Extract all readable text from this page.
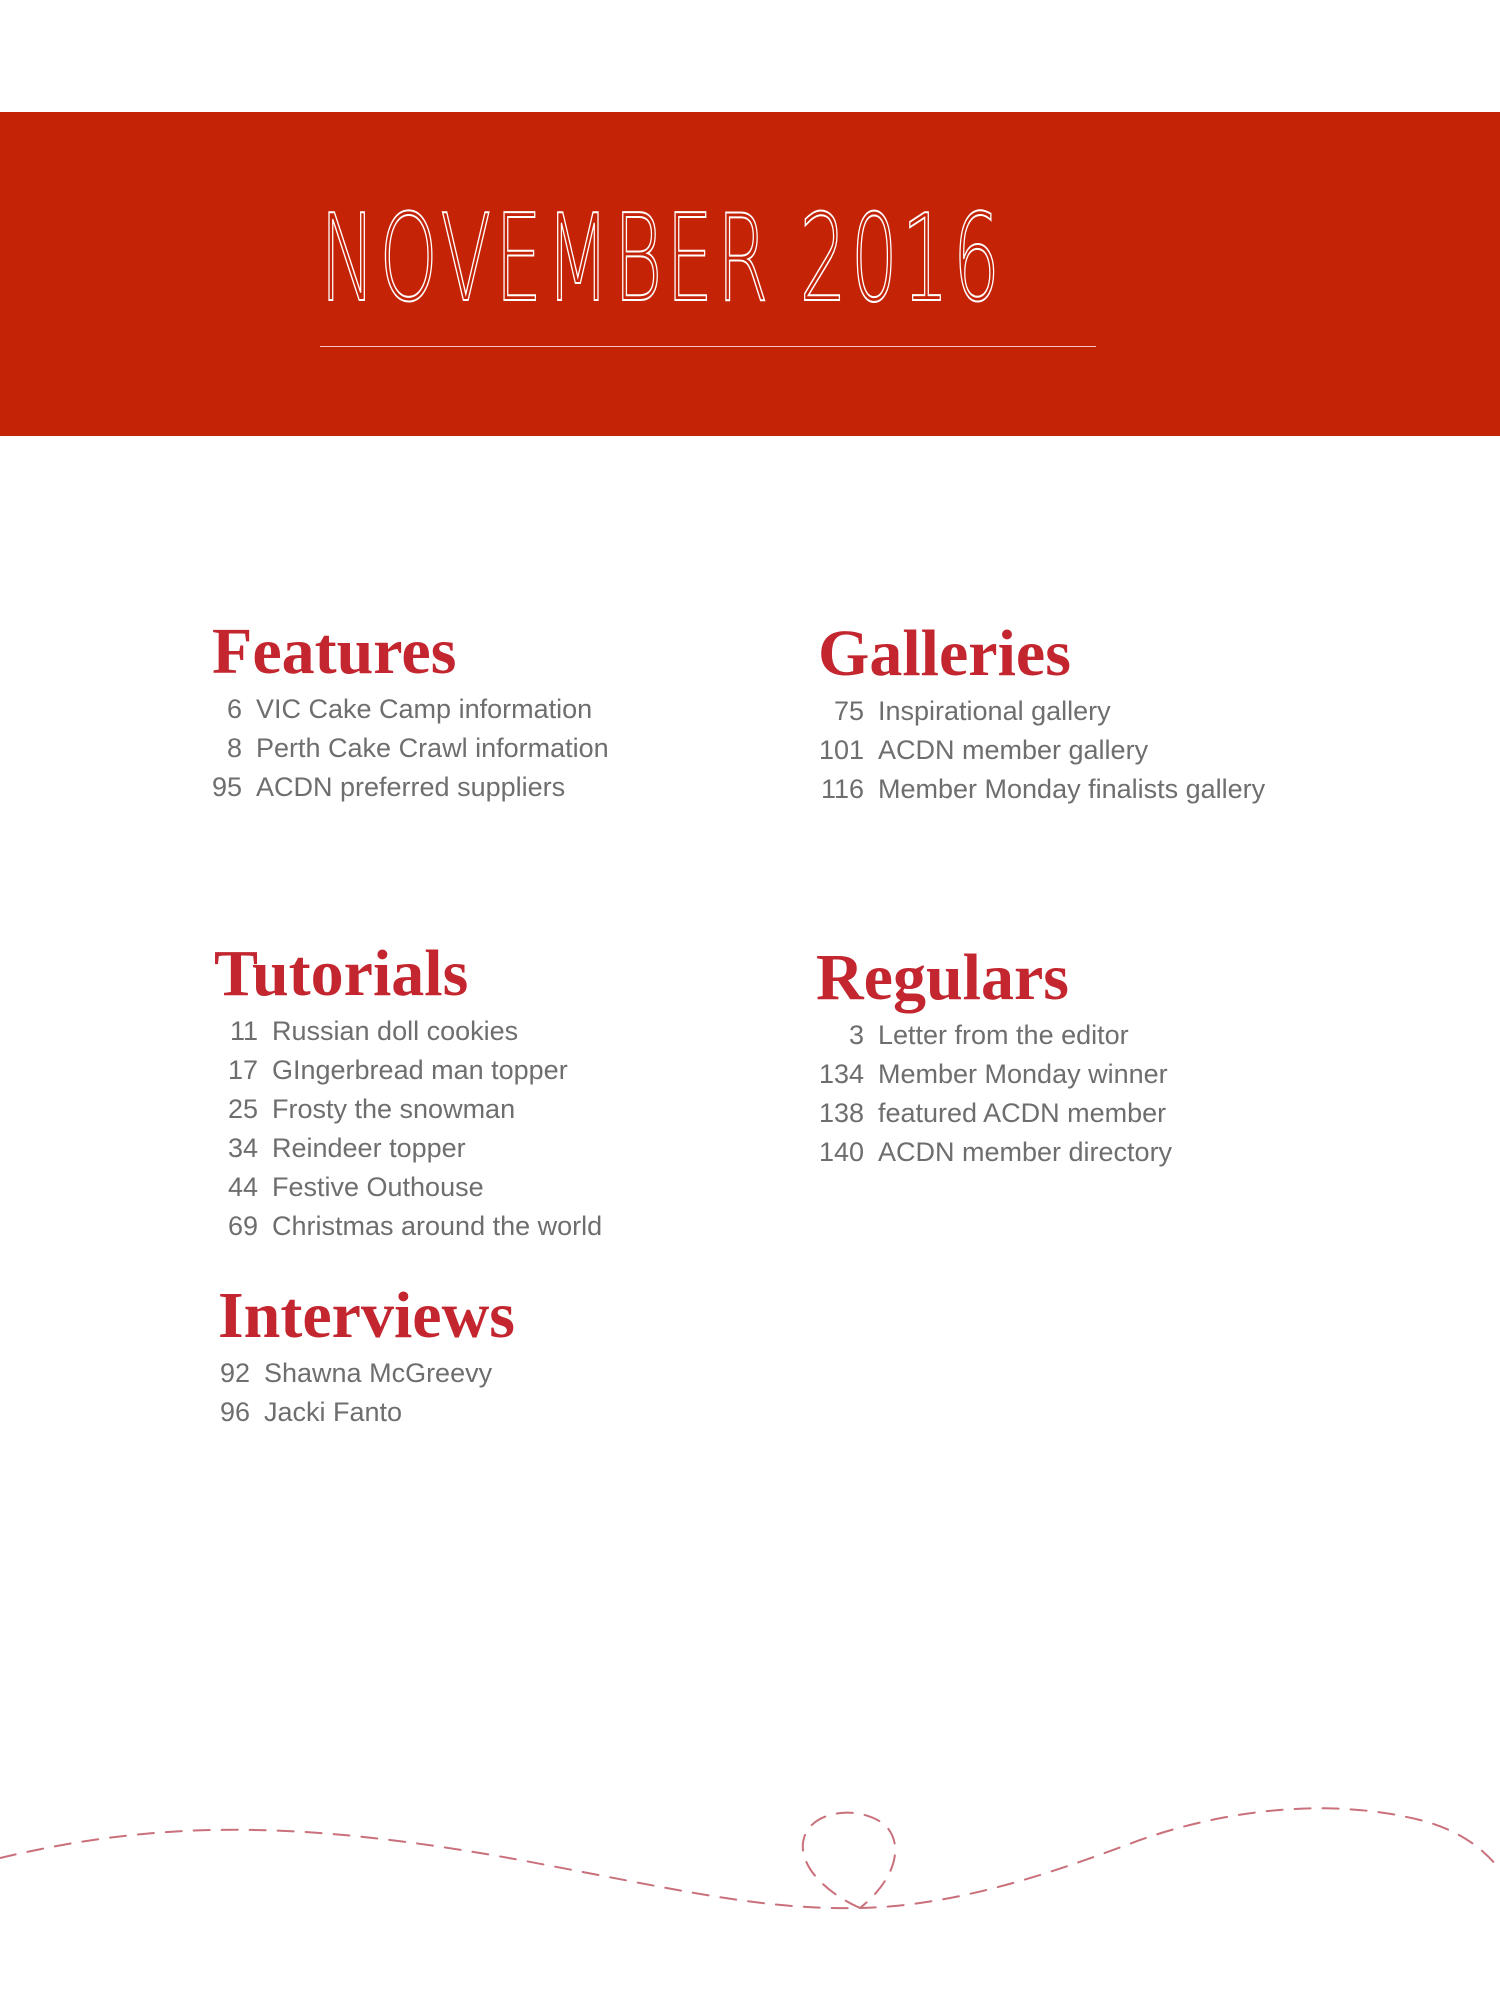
NOVEMBER 2016
Features
6 VIC Cake Camp information
8 Perth Cake Crawl information
95 ACDN preferred suppliers
Galleries
75 Inspirational gallery
101 ACDN member gallery
116 Member Monday finalists gallery
Tutorials
11 Russian doll cookies
17 GIngerbread man topper
25 Frosty the snowman
34 Reindeer topper
44 Festive Outhouse
69 Christmas around the world
Regulars
3 Letter from the editor
134 Member Monday winner
138 featured ACDN member
140 ACDN member directory
Interviews
92 Shawna McGreevy
96 Jacki Fanto
